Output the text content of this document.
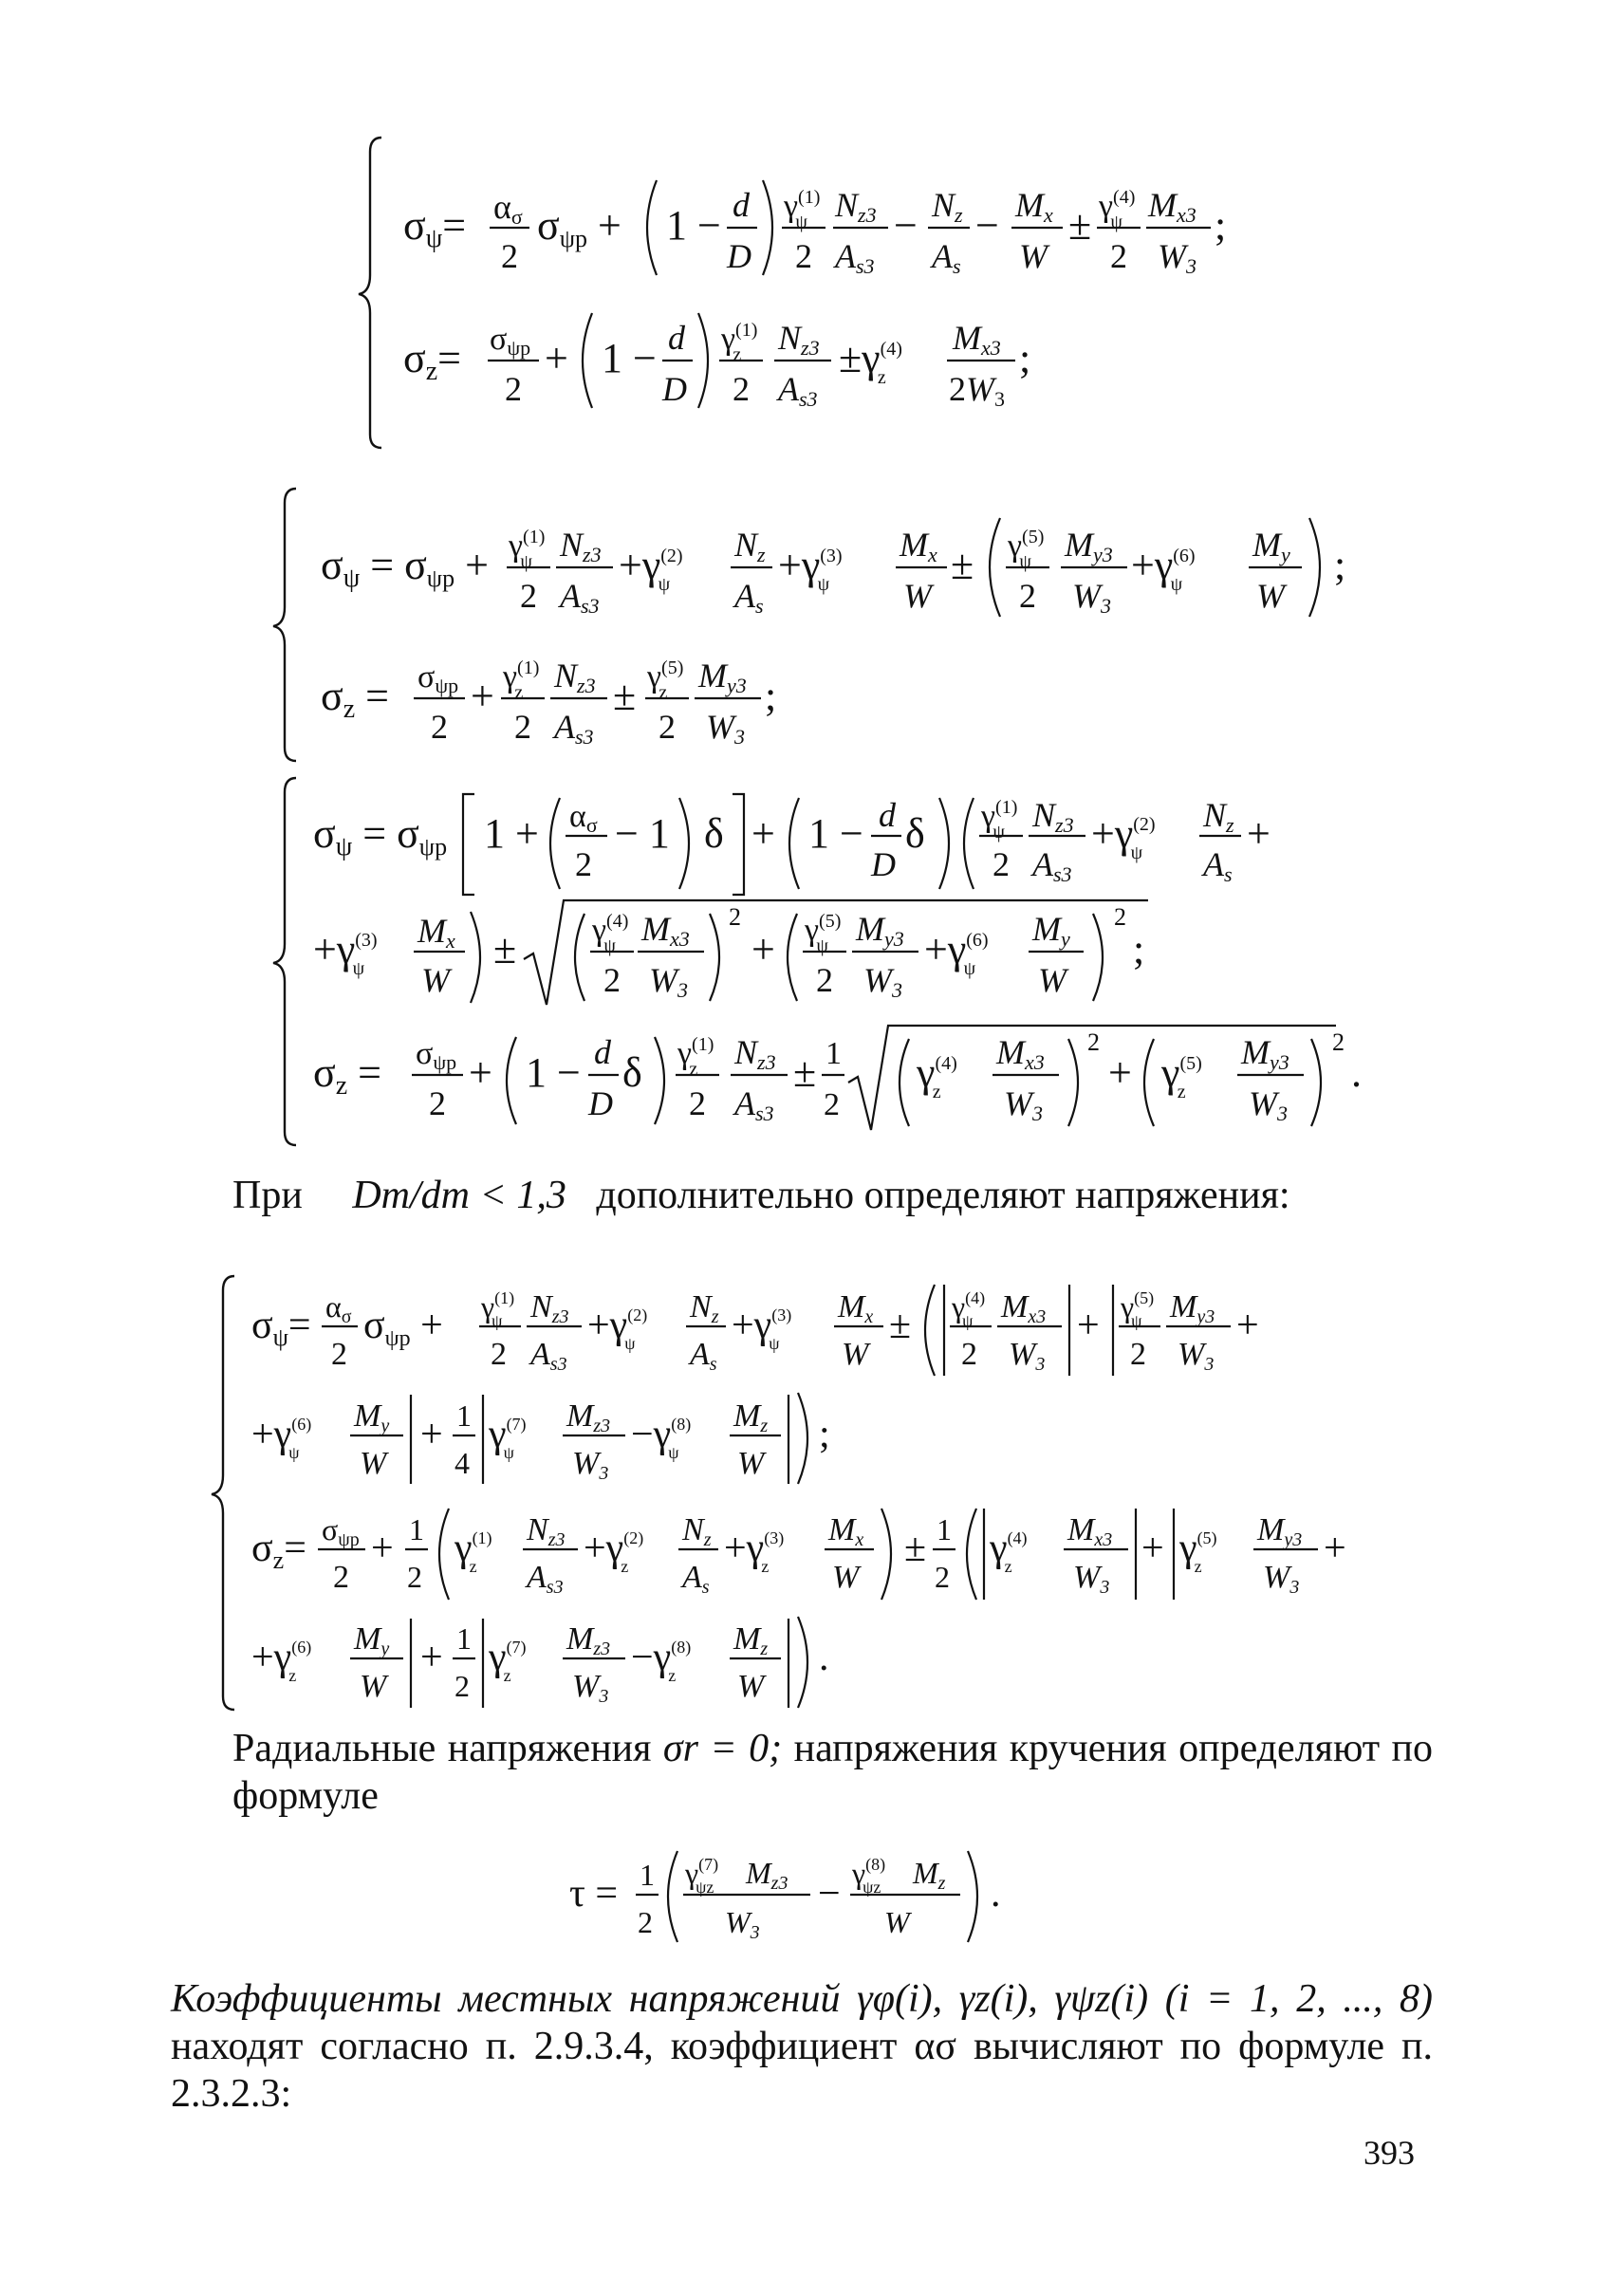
σψ= ασ
2
σψp + 1 − d
D
$\gamma^{(1)}$ ψ
2
Nz3
As3
− Nz
As
− Mx
W
± $\gamma^{(4)}$ ψ
2
Mx3
W3
;
σz= σψp
2
+ 1 − d
D
$\gamma^{(1)}$ z
2
Nz3
As3
$\pm\gamma^{(4)}$ z
Mx3
2W3
;
$\sigma\psi = \sigma\psi p + \gamma^{(1)}$ ψ
2
Nz3
As3
$+\gamma^{(2)}$ ψ
Nz
As
$+\gamma^{(3)}$ ψ
Mx
W
± $\gamma^{(5)}$ ψ
2
My3
W3
$+\gamma^{(6)}$ ψ
My
W
;
σz = σψp
2
+ $\gamma^{(1)}$ z
2
Nz3
As3
± $\gamma^{(5)}$ z
2
My3
W3
;
σψ = σψp 1 + ασ
2
− 1 δ + 1 − d
D
δ $\gamma^{(1)}$ ψ
2
Nz3
As3
$+\gamma^{(2)}$ ψ
Nz
As
+
$+\gamma^{(3)}$ ψ
Mx
W
± $\gamma^{(4)}$ ψ
2
Mx3
W3
2
+ $\gamma^{(5)}$ ψ
2
My3
W3
$+\gamma^{(6)}$ ψ
My
W
2
;
σz = σψp
2
+ 1 − d
D
δ $\gamma^{(1)}$ z
2
Nz3
As3
± 1
2
$\gamma^{(4)}$ z
Mx3
W3
2
+ $\gamma^{(5)}$ z
My3
W3
2
.

При Dm/dm < 1,3 дополнительно определяют напряжения:

σψ= ασ
2
$\sigma\psi p + \gamma^{(1)}$ ψ
2
Nz3
As3
$+\gamma^{(2)}$ ψ
Nz
As
$+\gamma^{(3)}$ ψ
Mx
W
± $\gamma^{(4)}$ ψ
2
Mx3
W3
+ $\gamma^{(5)}$ ψ
2
My3
W3
+
$+\gamma^{(6)}$ ψ
My
W
+ 1
4
$\gamma^{(7)}$ ψ
Mz3
W3
$-\gamma^{(8)}$ ψ
Mz
W
;
σz= σψp
2
+ 1
2
$\gamma^{(1)}$ z
Nz3
As3
$+\gamma^{(2)}$ z
Nz
As
$+\gamma^{(3)}$ z
Mx
W
± 1
2
$\gamma^{(4)}$ z
Mx3
W3
+ $\gamma^{(5)}$ z
My3
W3
+
$+\gamma^{(6)}$ z
My
W
+ 1
2
$\gamma^{(7)}$ z
Mz3
W3
$-\gamma^{(8)}$ z
Mz
W
.

Радиальные напряжения σr = 0; напряжения кручения определяют по формуле

τ = 1
2
$\gamma^{(7)}$ ψz Mz3
W3
− $\gamma^{(8)}$ ψz Mz
W
.

Коэффициенты местных напряжений γφ(i), γz(i), γψz(i) (i = 1, 2, ..., 8) находят согласно п. 2.9.3.4, коэффициент ασ вычисляют по формуле п. 2.3.2.3:

393
